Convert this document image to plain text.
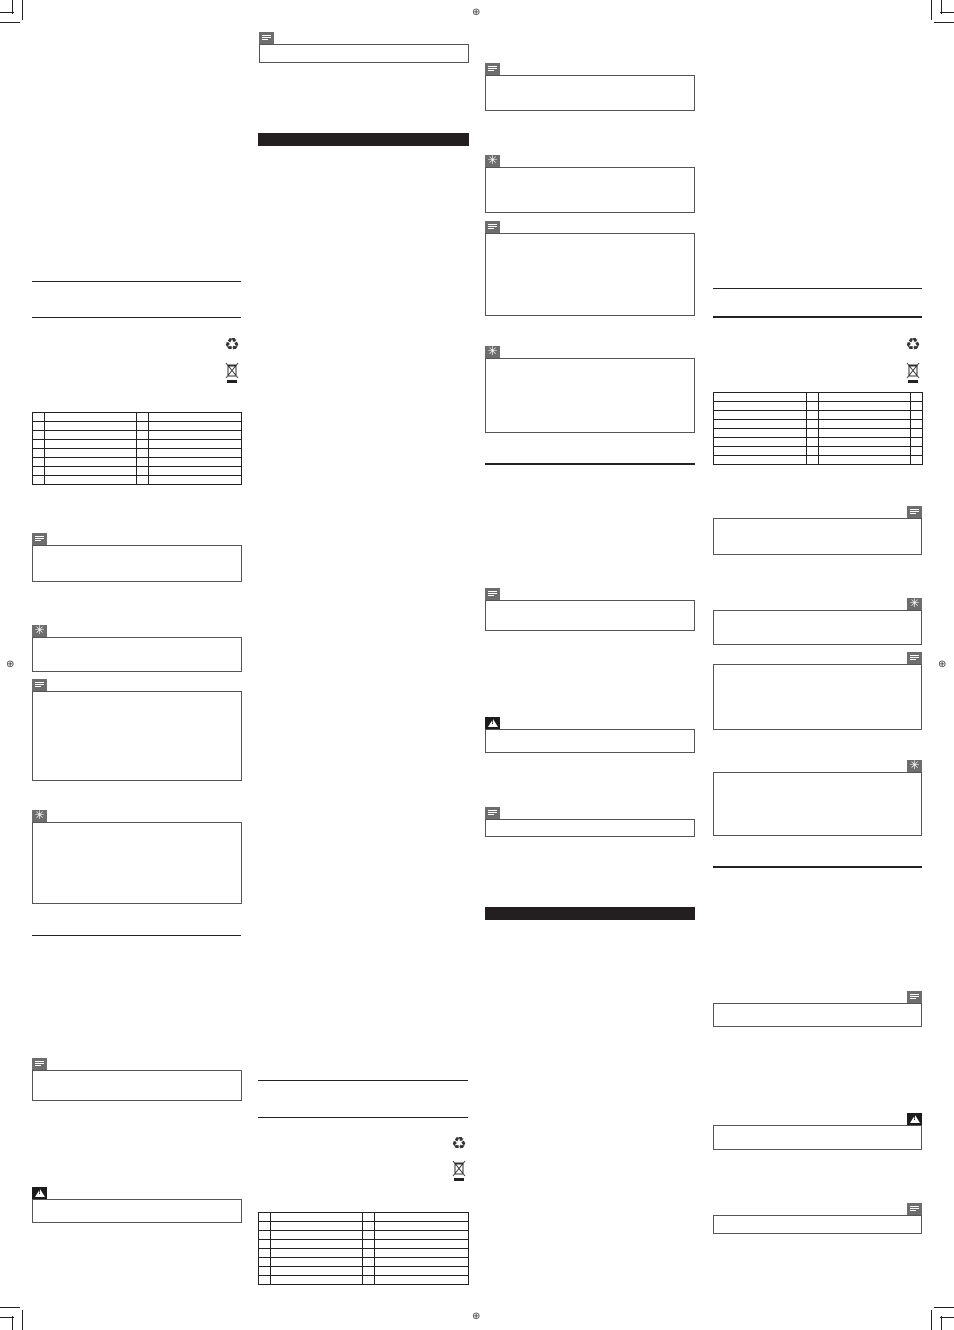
⊕
⊕
⊕	⊕
♻

✳
✳
!
♻

✳
✳
!
♻

✳
✳
!
